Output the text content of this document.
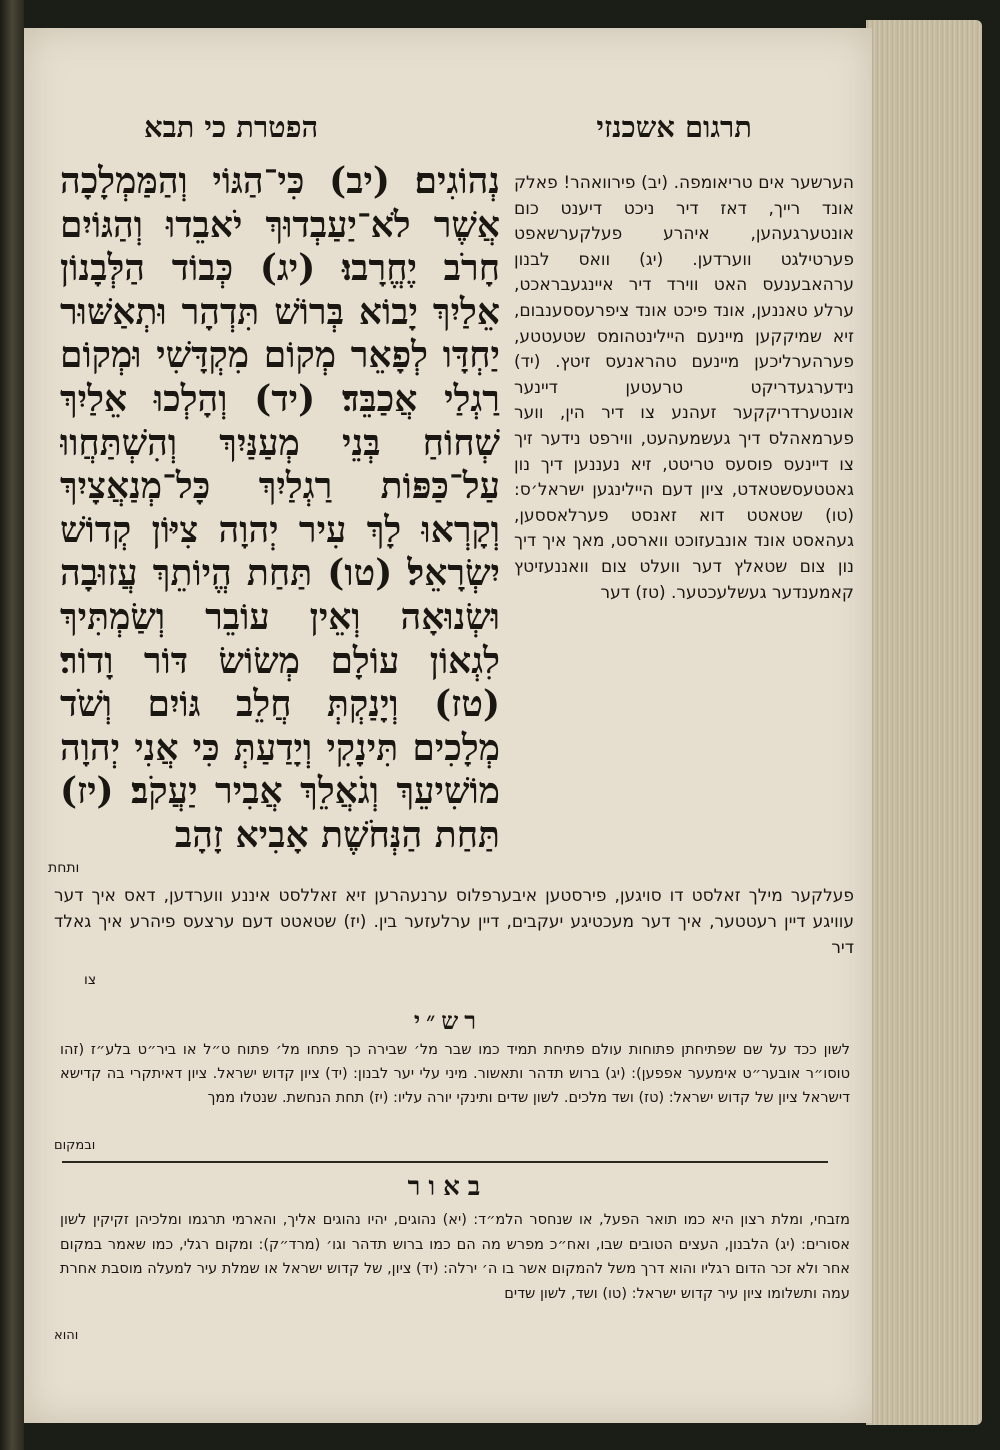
תרגום אשכנזי
הפטרת כי תבא
נְהוֹגִים׃ (יב) כִּי־הַגּוֹי וְהַמַּמְלָכָה אֲשֶׁר לֹא־יַעַבְדוּךְ יֹאבֵדוּ וְהַגּוֹיִם חָרֹב יֶחֱרָבוּ׃ (יג) כְּבוֹד הַלְּבָנוֹן אֵלַיִךְ יָבוֹא בְּרוֹשׁ תִּדְהָר וּתְאַשּׁוּר יַחְדָּו לְפָאֵר מְקוֹם מִקְדָּשִׁי וּמְקוֹם רַגְלַי אֲכַבֵּד׃ (יד) וְהָלְכוּ אֵלַיִךְ שְׁחוֹחַ בְּנֵי מְעַנַּיִךְ וְהִשְׁתַּחֲווּ עַל־כַּפּוֹת רַגְלַיִךְ כָּל־מְנַאֲצָיִךְ וְקָרְאוּ לָךְ עִיר יְהוָה צִיּוֹן קְדוֹשׁ יִשְׂרָאֵל׃ (טו) תַּחַת הֱיוֹתֵךְ עֲזוּבָה וּשְׂנוּאָה וְאֵין עוֹבֵר וְשַׂמְתִּיךְ לִגְאוֹן עוֹלָם מְשׂוֹשׂ דּוֹר וָדוֹר׃ (טז) וְיָנַקְתְּ חֲלֵב גּוֹיִם וְשֹׁד מְלָכִים תִּינָקִי וְיָדַעַתְּ כִּי אֲנִי יְהוָה מוֹשִׁיעֵךְ וְגֹאֲלֵךְ אֲבִיר יַעֲקֹב׃ (יז) תַּחַת הַנְּחֹשֶׁת אָבִיא זָהָב
הערשער אים טריאומפה. (יב) פירוואהר! פאלק אונד רייך, דאז דיר ניכט דיענט כום אונטערגעהען, איהרע פעלקערשאפט פערטילגט ווערדען. (יג) וואס לבנון ערהאבענעס האט ווירד דיר איינגעבראכט, ערלע טאננען, אונד פיכט אונד ציפרעססענבום, זיא שמיקקען מיינעם היילינטהומס שטעטטע, פערהערליכען מיינעם טהראנעס זיטץ. (יד) נידערגעדריקט טרעטען דיינער אונטערדריקקער זעהנע צו דיר הין, ווער פערמאהלס דיך געשמעהעט, ווירפט נידער זיך צו דיינעס פוסעס טריטט, זיא נעננען דיך נון גאטטעסשטאדט, ציון דעם היילינגען ישראל׳ס: (טו) שטאטט דוא זאנסט פערלאססען, געהאסט אונד אונבעזוכט ווארסט, מאך איך דיך נון צום שטאלץ דער וועלט צום וואננעזיטץ קאמענדער געשלעכטער. (טז) דער
ותחת
פעלקער מילך זאלסט דו סויגען, פירסטען איבערפלוס ערנעהרען זיא זאללסט איננע ווערדען, דאס איך דער עוויגע דיין רעטטער, איך דער מעכטיגע יעקבים, דיין ערלעזער בין. (יז) שטאטט דעם ערצעס פיהרע איך גאלד דיר
צו
רש״י
לשון ככד על שם שפתיחתן פתוחות עולם פתיחת תמיד כמו שבר מל׳ שבירה כך פתחו מל׳ פתוח ט״ל או ביר״ט בלע״ז (זהו טוסו״ר אובער״ט אימעער אפפען): (יג) ברוש תדהר ותאשור. מיני עלי יער לבנון: (יד) ציון קדוש ישראל. ציון דאיתקרי בה קדישא דישראל ציון של קדוש ישראל: (טז) ושד מלכים. לשון שדים ותינקי יורה עליו: (יז) תחת הנחשת. שנטלו ממך
ובמקום
באור
מזבחי, ומלת רצון היא כמו תואר הפעל, או שנחסר הלמ״ד: (יא) נהוגים, יהיו נהוגים אליך, והארמי תרגמו ומלכיהן זקיקין לשון אסורים: (יג) הלבנון, העצים הטובים שבו, ואח״כ מפרש מה הם כמו ברוש תדהר וגו׳ (מרד״ק): ומקום רגלי, כמו שאמר במקום אחר ולא זכר הדום רגליו והוא דרך משל להמקום אשר בו ה׳ ירלה: (יד) ציון, של קדוש ישראל או שמלת עיר למעלה מוסבת אחרת עמה ותשלומו ציון עיר קדוש ישראל: (טו) ושד, לשון שדים
והוא
